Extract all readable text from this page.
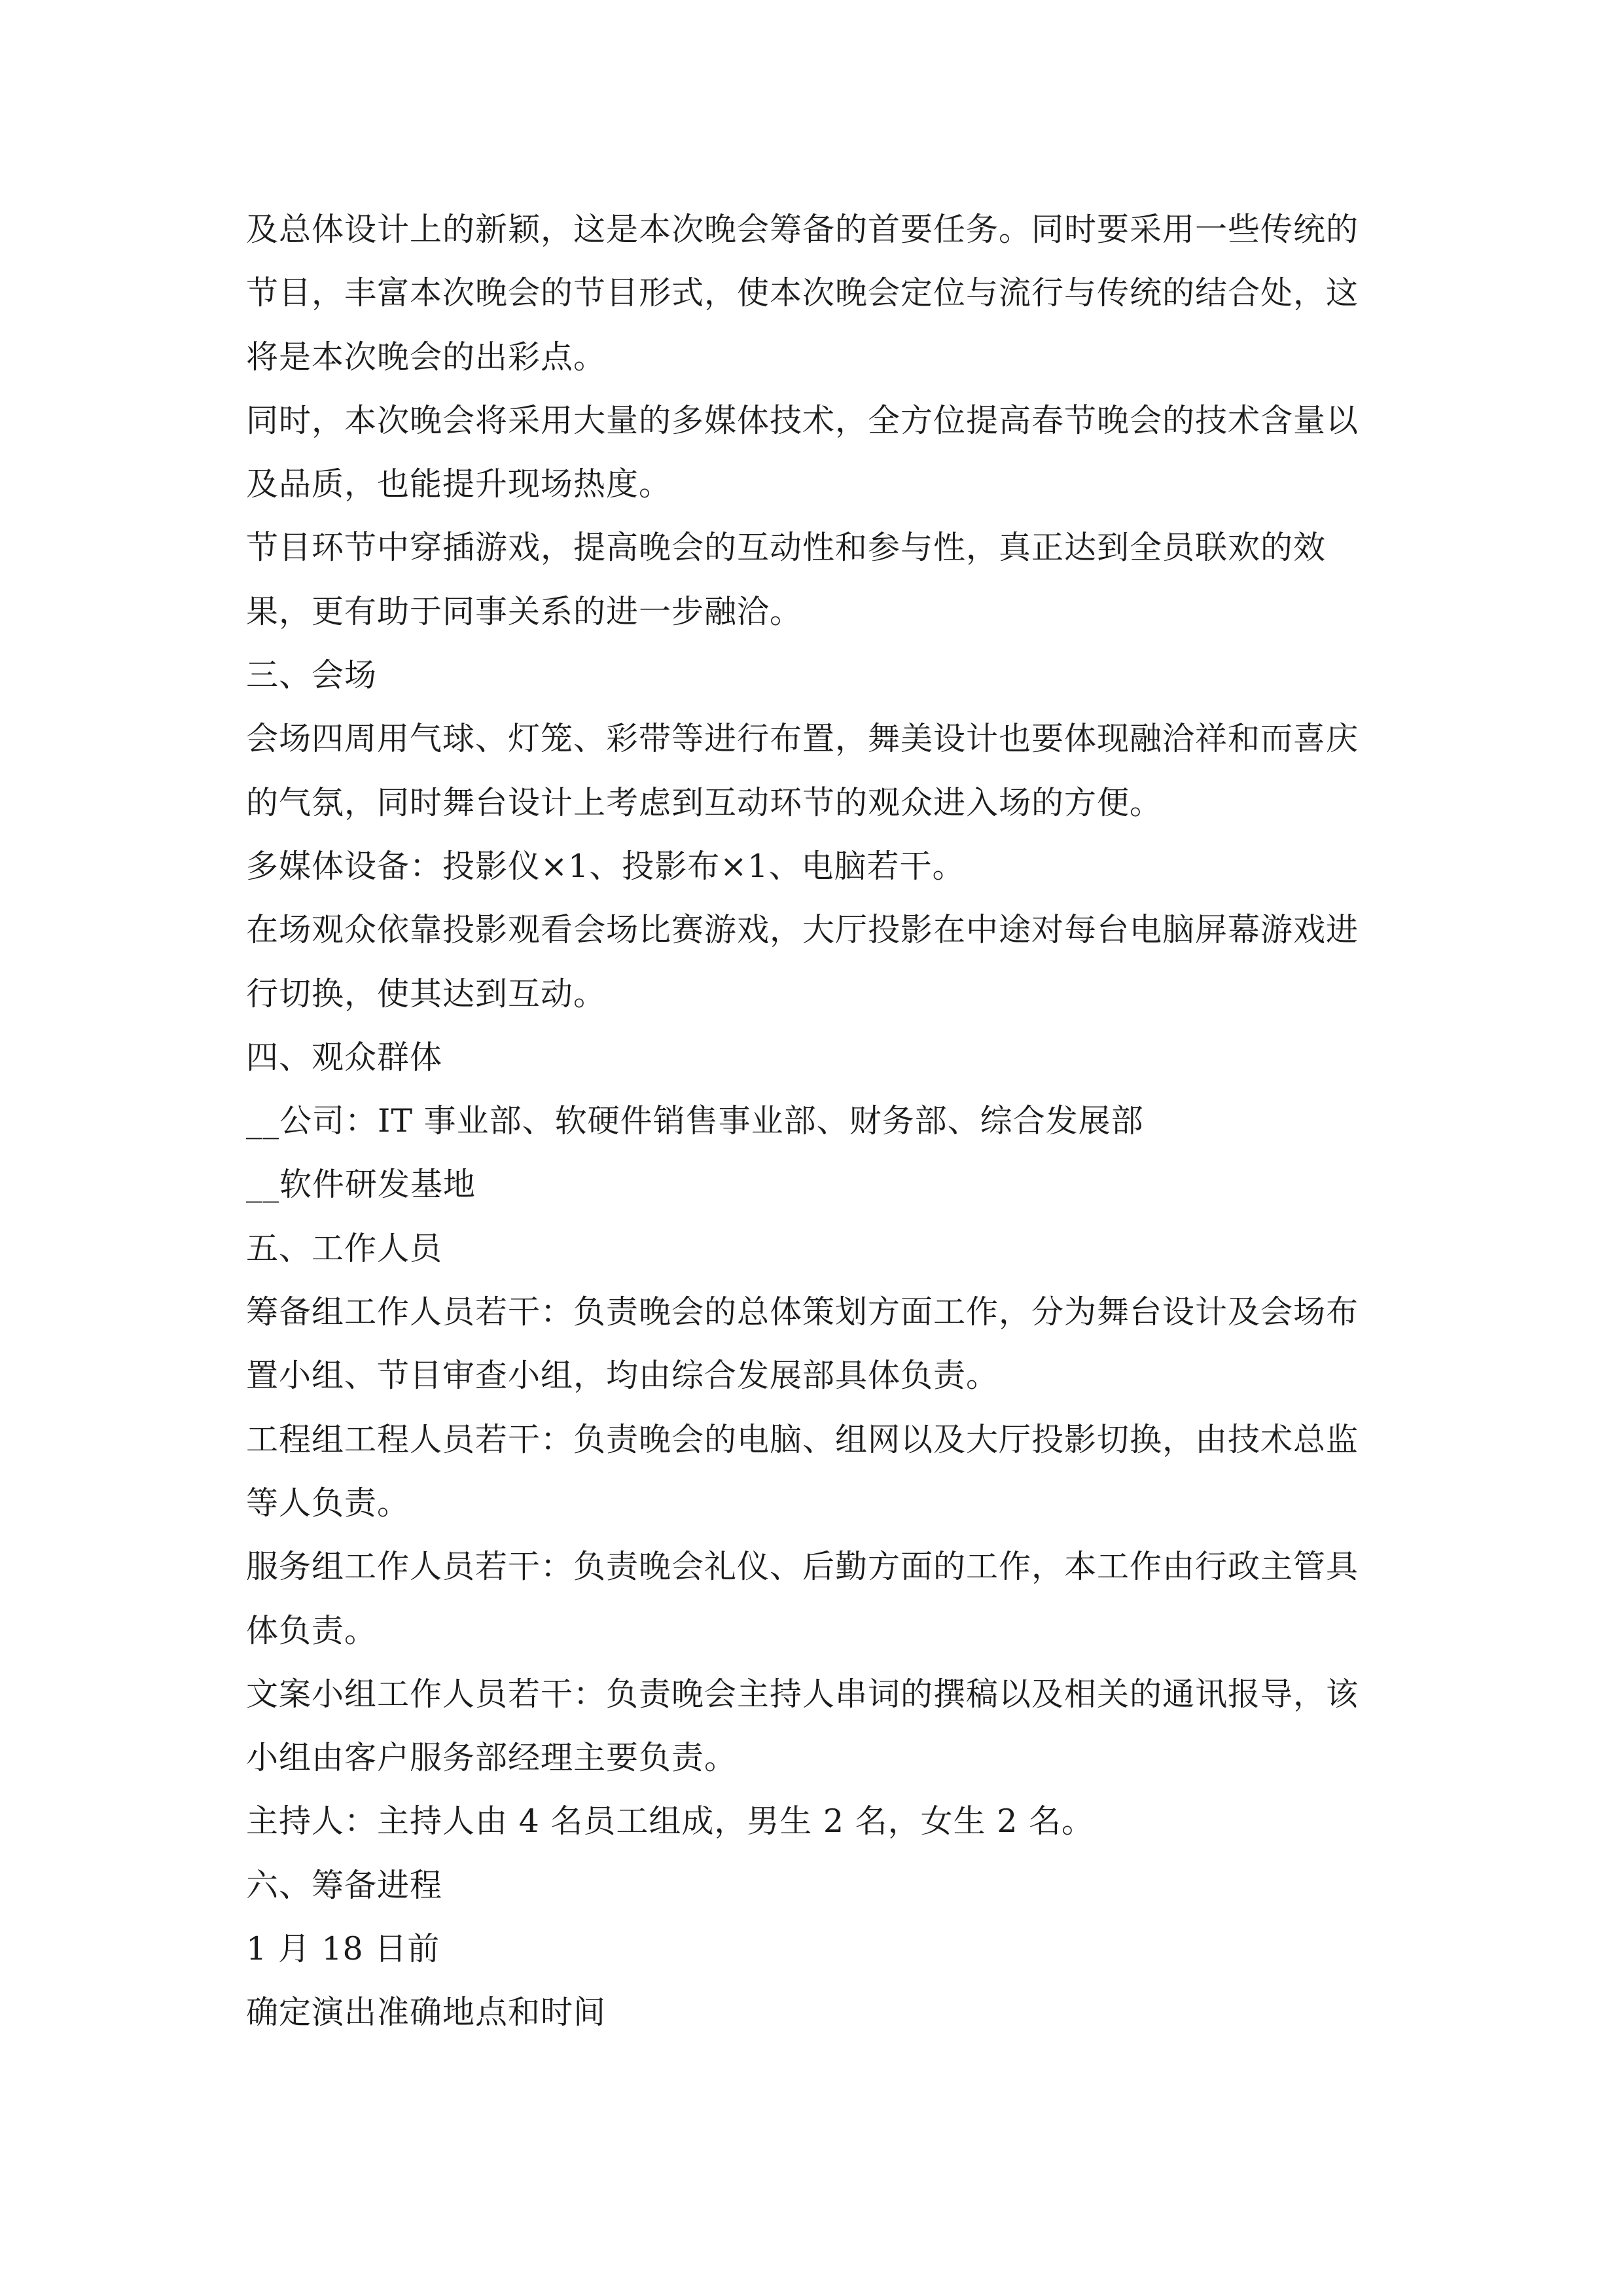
及总体设计上的新颖，这是本次晚会筹备的首要任务。同时要采用一些传统的节目，丰富本次晚会的节目形式，使本次晚会定位与流行与传统的结合处，这将是本次晚会的出彩点。

同时，本次晚会将采用大量的多媒体技术，全方位提高春节晚会的技术含量以及品质，也能提升现场热度。

节目环节中穿插游戏，提高晚会的互动性和参与性，真正达到全员联欢的效果，更有助于同事关系的进一步融洽。

三、会场

会场四周用气球、灯笼、彩带等进行布置，舞美设计也要体现融洽祥和而喜庆的气氛，同时舞台设计上考虑到互动环节的观众进入场的方便。

多媒体设备：投影仪×1、投影布×1、电脑若干。

在场观众依靠投影观看会场比赛游戏，大厅投影在中途对每台电脑屏幕游戏进行切换，使其达到互动。

四、观众群体

__公司：IT 事业部、软硬件销售事业部、财务部、综合发展部

__软件研发基地

五、工作人员

筹备组工作人员若干：负责晚会的总体策划方面工作，分为舞台设计及会场布置小组、节目审查小组，均由综合发展部具体负责。

工程组工程人员若干：负责晚会的电脑、组网以及大厅投影切换，由技术总监等人负责。

服务组工作人员若干：负责晚会礼仪、后勤方面的工作，本工作由行政主管具体负责。

文案小组工作人员若干：负责晚会主持人串词的撰稿以及相关的通讯报导，该小组由客户服务部经理主要负责。

主持人：主持人由 4 名员工组成，男生 2 名，女生 2 名。

六、筹备进程

1 月 18 日前

确定演出准确地点和时间
